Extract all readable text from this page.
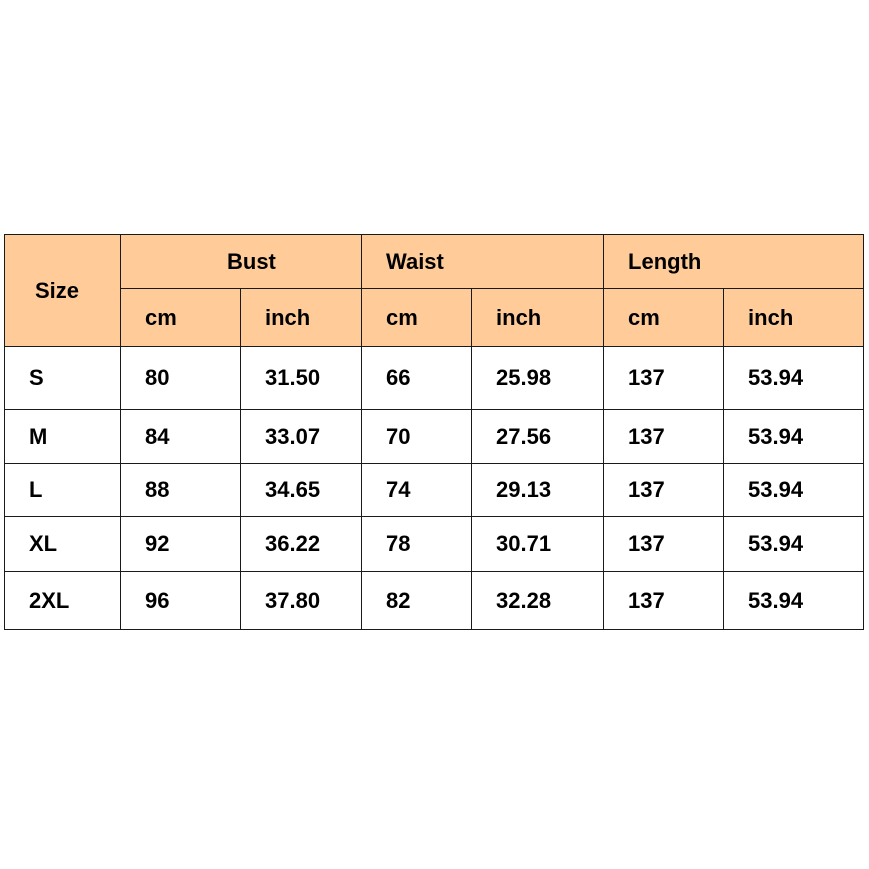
Size	Bust		Waist		Length	
	cm	inch	cm	inch	cm	inch
S	80	31.50	66	25.98	137	53.94
M	84	33.07	70	27.56	137	53.94
L	88	34.65	74	29.13	137	53.94
XL	92	36.22	78	30.71	137	53.94
2XL	96	37.80	82	32.28	137	53.94
